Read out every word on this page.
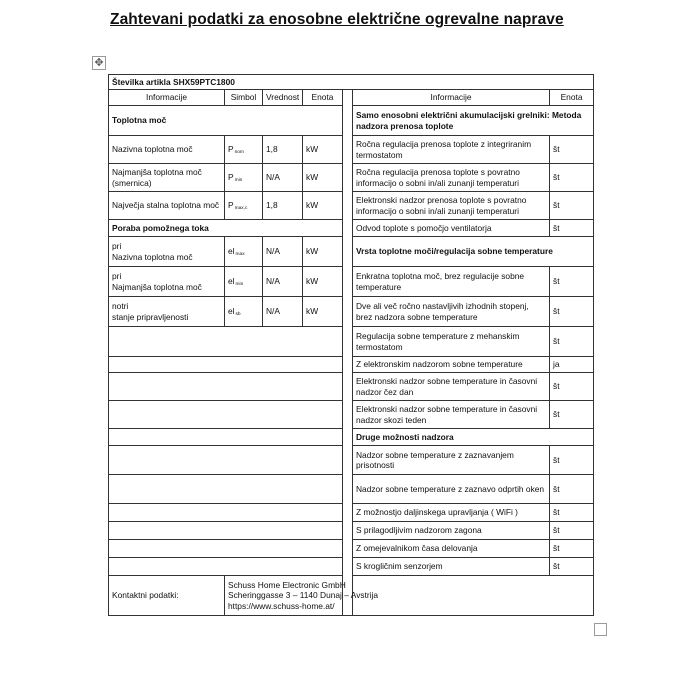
Zahtevani podatki za enosobne električne ogrevalne naprave
✥
Številka artikla SHX59PTC1800						
Informacije	Simbol	Vrednost	Enota		Informacije	Enota
Toplotna moč					Samo enosobni električni akumulacijski grelniki: Metoda nadzora prenosa toplote	
Nazivna toplotna moč	$P_{nom}$	1,8	kW		Ročna regulacija prenosa toplote z integriranim termostatom	št
Najmanjša toplotna moč (smernica)	$P_{min}$	N/A	kW		Ročna regulacija prenosa toplote s povratno informacijo o sobni in/ali zunanji temperaturi	št
Največja stalna toplotna moč	$P_{max,c}$	1,8	kW		Elektronski nadzor prenosa toplote s povratno informacijo o sobni in/ali zunanji temperaturi	št
Poraba pomožnega toka					Odvod toplote s pomočjo ventilatorja	št

pri
Nazivna toplotna moč	$el_{max}$	N/A	kW		Vrsta toplotne moči/regulacija sobne temperature	

pri
Najmanjša toplotna moč	$el_{min}$	N/A	kW		Enkratna toplotna moč, brez regulacije sobne temperature	št

notri
stanje pripravljenosti	$el_{sb}$	N/A	kW		Dve ali več ročno nastavljivih izhodnih stopenj, brez nadzora sobne temperature	št
					Regulacija sobne temperature z mehanskim termostatom	št
					Z elektronskim nadzorom sobne temperature	ja
					Elektronski nadzor sobne temperature in časovni nadzor čez dan	št
					Elektronski nadzor sobne temperature in časovni nadzor skozi teden	št
					Druge možnosti nadzora	
					Nadzor sobne temperature z zaznavanjem prisotnosti	št
					Nadzor sobne temperature z zaznavo odprtih oken	št
					Z možnostjo daljinskega upravljanja ( WiFi )	št
					S prilagodljivim nadzorom zagona	št
					Z omejevalnikom časa delovanja	št
					S krogličnim senzorjem	št
Kontaktni podatki:	Schuss Home Electronic GmbH
Scheringgasse 3 – 1140 Dunaj – Avstrija
https://www.schuss-home.at/					
